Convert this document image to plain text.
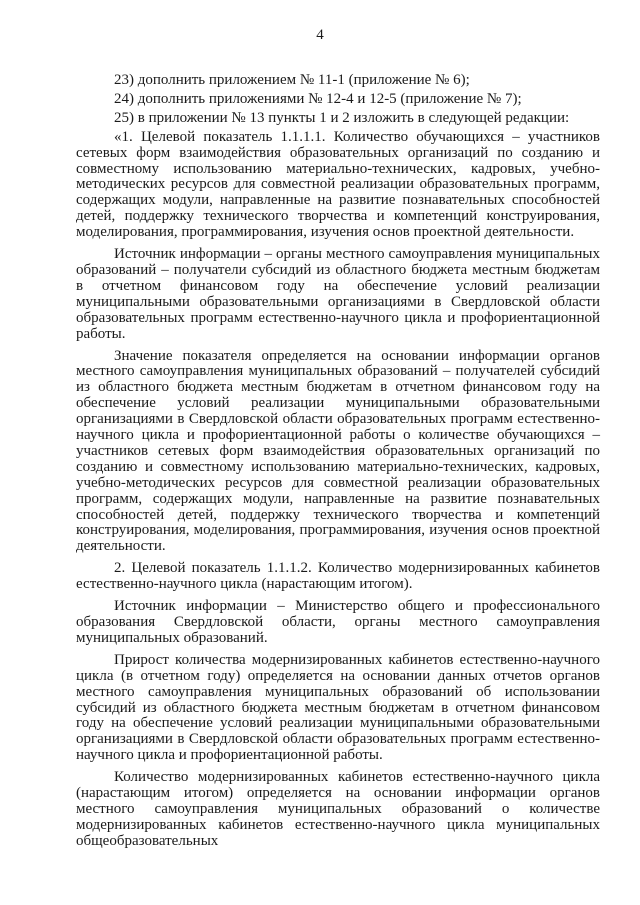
4

23) дополнить приложением № 11-1 (приложение № 6);

24) дополнить приложениями № 12-4 и 12-5 (приложение № 7);

25) в приложении № 13 пункты 1 и 2 изложить в следующей редакции:

«1. Целевой показатель 1.1.1.1. Количество обучающихся – участников сетевых форм взаимодействия образовательных организаций по созданию и совместному использованию материально-технических, кадровых, учебно-методических ресурсов для совместной реализации образовательных программ, содержащих модули, направленные на развитие познавательных способностей детей, поддержку технического творчества и компетенций конструирования, моделирования, программирования, изучения основ проектной деятельности.

Источник информации – органы местного самоуправления муниципальных образований – получатели субсидий из областного бюджета местным бюджетам в отчетном финансовом году на обеспечение условий реализации муниципальными образовательными организациями в Свердловской области образовательных программ естественно-научного цикла и профориентационной работы.

Значение показателя определяется на основании информации органов местного самоуправления муниципальных образований – получателей субсидий из областного бюджета местным бюджетам в отчетном финансовом году на обеспечение условий реализации муниципальными образовательными организациями в Свердловской области образовательных программ естественно-научного цикла и профориентационной работы о количестве обучающихся – участников сетевых форм взаимодействия образовательных организаций по созданию и совместному использованию материально-технических, кадровых, учебно-методических ресурсов для совместной реализации образовательных программ, содержащих модули, направленные на развитие познавательных способностей детей, поддержку технического творчества и компетенций конструирования, моделирования, программирования, изучения основ проектной деятельности.

2. Целевой показатель 1.1.1.2. Количество модернизированных кабинетов естественно-научного цикла (нарастающим итогом).

Источник информации – Министерство общего и профессионального образования Свердловской области, органы местного самоуправления муниципальных образований.

Прирост количества модернизированных кабинетов естественно-научного цикла (в отчетном году) определяется на основании данных отчетов органов местного самоуправления муниципальных образований об использовании субсидий из областного бюджета местным бюджетам в отчетном финансовом году на обеспечение условий реализации муниципальными образовательными организациями в Свердловской области образовательных программ естественно-научного цикла и профориентационной работы.

Количество модернизированных кабинетов естественно-научного цикла (нарастающим итогом) определяется на основании информации органов местного самоуправления муниципальных образований о количестве модернизированных кабинетов естественно-научного цикла муниципальных общеобразовательных
